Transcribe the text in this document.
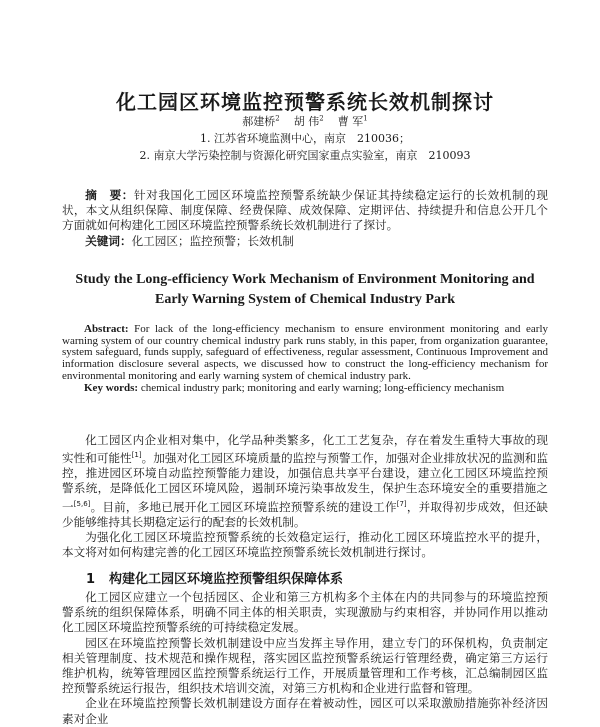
化工园区环境监控预警系统长效机制探讨
郝建桥$^2$ 胡 伟$^2$ 曹 军$^1$
1. 江苏省环境监测中心，南京　210036；
2. 南京大学污染控制与资源化研究国家重点实验室，南京　210093

摘　要：针对我国化工园区环境监控预警系统缺少保证其持续稳定运行的长效机制的现状，本文从组织保障、制度保障、经费保障、成效保障、定期评估、持续提升和信息公开几个方面就如何构建化工园区环境监控预警系统长效机制进行了探讨。

关键词：化工园区；监控预警；长效机制

Study the Long-efficiency Work Mechanism of Environment Monitoring and Early Warning System of Chemical Industry Park

Abstract: For lack of the long-efficiency mechanism to ensure environment monitoring and early warning system of our country chemical industry park runs stably, in this paper, from organization guarantee, system safeguard, funds supply, safeguard of effectiveness, regular assessment, Continuous Improvement and information disclosure several aspects, we discussed how to construct the long-efficiency mechanism for environmental monitoring and early warning system of chemical industry park.

Key words: chemical industry park; monitoring and early warning; long-efficiency mechanism

化工园区内企业相对集中，化学品种类繁多，化工工艺复杂，存在着发生重特大事故的现实性和可能性[1]。加强对化工园区环境质量的监控与预警工作，加强对企业排放状况的监测和监控，推进园区环境自动监控预警能力建设，加强信息共享平台建设，建立化工园区环境监控预警系统，是降低化工园区环境风险，遏制环境污染事故发生，保护生态环境安全的重要措施之一[5,6]。目前，多地已展开化工园区环境监控预警系统的建设工作[7]，并取得初步成效，但还缺少能够维持其长期稳定运行的配套的长效机制。

为强化化工园区环境监控预警系统的长效稳定运行，推动化工园区环境监控水平的提升，本文将对如何构建完善的化工园区环境监控预警系统长效机制进行探讨。

1 构建化工园区环境监控预警组织保障体系

化工园区应建立一个包括园区、企业和第三方机构多个主体在内的共同参与的环境监控预警系统的组织保障体系，明确不同主体的相关职责，实现激励与约束相容，并协同作用以推动化工园区环境监控预警系统的可持续稳定发展。

园区在环境监控预警长效机制建设中应当发挥主导作用，建立专门的环保机构，负责制定相关管理制度、技术规范和操作规程，落实园区监控预警系统运行管理经费，确定第三方运行维护机构，统筹管理园区监控预警系统运行工作，开展质量管理和工作考核，汇总编制园区监控预警系统运行报告，组织技术培训交流，对第三方机构和企业进行监督和管理。

企业在环境监控预警长效机制建设方面存在着被动性，园区可以采取激励措施弥补经济因素对企业
